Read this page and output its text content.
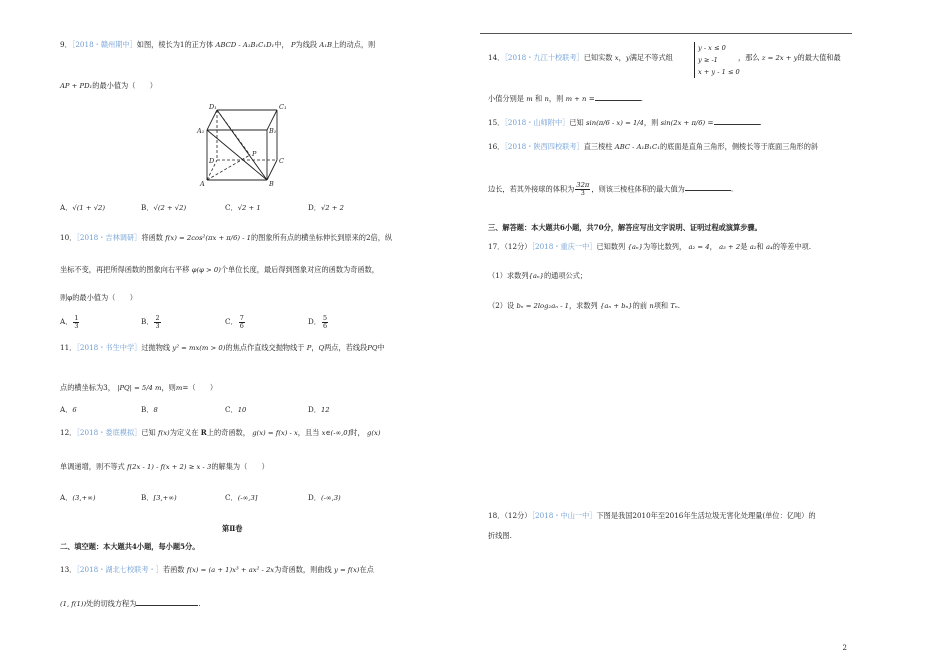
9．［2018・赣州期中］如图，棱长为1的正方体 ABCD - A₁B₁C₁D₁中， P为线段 A₁B上的动点，则
AP + PD₁的最小值为（　　）
D₁	C₁
A₁	B₁
P
D	C
A	B
A．√(1 + √2)	B．√(2 + √2)	C．√2 + 1	D．√2 + 2
10．［2018・吉林调研］将函数 f(x) = 2cos²(πx + π/6) - 1的图象所有点的横坐标伸长到原来的2倍，纵
坐标不变，再把所得函数的图象向右平移 φ(φ > 0)个单位长度，最后得到图象对应的函数为奇函数，
则φ的最小值为（　　）
A． $\frac{1}{3}$	B． $\frac{2}{3}$	C． $\frac{7}{6}$	D． $\frac{5}{6}$
11．［2018・书生中学］过抛物线 y² = mx(m > 0)的焦点作直线交抛物线于 P，Q两点，若线段PQ中
点的横坐标为3， |PQ| = 5/4 m，则m=（　　）
A．6	B．8	C．10	D．12
12．［2018・娄底模拟］已知 f(x)为定义在 R上的奇函数， g(x) = f(x) - x，且当 x∈(-∞,0]时， g(x)
单调递增，则不等式 f(2x - 1) - f(x + 2) ≥ x - 3的解集为（　　）
A．(3,+∞)	B．[3,+∞)	C．(-∞,3]	D．(-∞,3)
第Ⅱ卷
二、填空题：本大题共4小题，每小题5分。
13．［2018・湖北七校联考・］若函数 f(x) = (a + 1)x³ + ax² - 2x为奇函数，则曲线 y = f(x)在点
(1, f(1))处的切线方程为	.
14．［2018・九江十校联考］已知实数 x，y满足不等式组
y - x ≤ 0
y ≥ -1
x + y - 1 ≤ 0
，那么 z = 2x + y的最大值和最
小值分别是 m 和 n，则 m + n =	.
15．［2018・山师附中］已知 sin(π/6 - x) = 1/4，则 sin(2x + π/6) =	.
16．［2018・陕西四校联考］直三棱柱 ABC - A₁B₁C₁的底面是直角三角形，侧棱长等于底面三角形的斜
边长，若其外接球的体积为 $\frac{32\pi}{3}$ ，则该三棱柱体积的最大值为	.
三、解答题：本大题共6小题，共70分，解答应写出文字说明、证明过程或演算步骤。
17．（12分）［2018・重庆一中］已知数列 {aₙ}为等比数列， a₂ = 4， a₃ + 2是 a₂和 a₄的等差中项.
（1）求数列{aₙ}的通项公式；
（2）设 bₙ = 2log₂aₙ - 1，求数列 {aₙ + bₙ}的前 n项和 Tₙ.
18．（12分）［2018・中山一中］下图是我国2010年至2016年生活垃圾无害化处理量(单位：亿吨）的
折线图.
2
